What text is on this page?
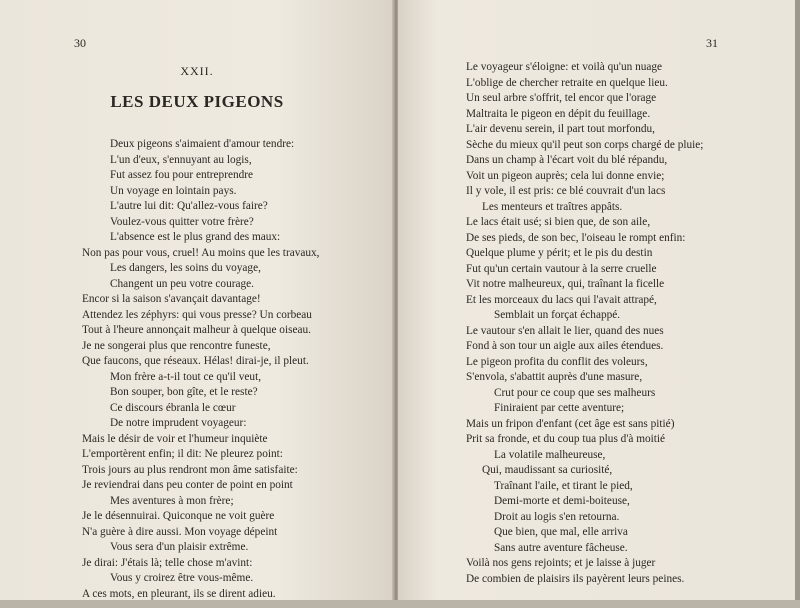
30
XXII.
LES DEUX PIGEONS
Deux pigeons s'aimaient d'amour tendre:
L'un d'eux, s'ennuyant au logis,
Fut assez fou pour entreprendre
Un voyage en lointain pays.
L'autre lui dit: Qu'allez-vous faire?
Voulez-vous quitter votre frère?
L'absence est le plus grand des maux:
Non pas pour vous, cruel! Au moins que les travaux,
Les dangers, les soins du voyage,
Changent un peu votre courage.
Encor si la saison s'avançait davantage!
Attendez les zéphyrs: qui vous presse? Un corbeau
Tout à l'heure annonçait malheur à quelque oiseau.
Je ne songerai plus que rencontre funeste,
Que faucons, que réseaux. Hélas! dirai-je, il pleut.
Mon frère a-t-il tout ce qu'il veut,
Bon souper, bon gîte, et le reste?
Ce discours ébranla le cœur
De notre imprudent voyageur:
Mais le désir de voir et l'humeur inquiète
L'emportèrent enfin; il dit: Ne pleurez point:
Trois jours au plus rendront mon âme satisfaite:
Je reviendrai dans peu conter de point en point
Mes aventures à mon frère;
Je le désennuirai. Quiconque ne voit guère
N'a guère à dire aussi. Mon voyage dépeint
Vous sera d'un plaisir extrême.
Je dirai: J'étais là; telle chose m'avint:
Vous y croirez être vous-même.
A ces mots, en pleurant, ils se dirent adieu.
31
Le voyageur s'éloigne: et voilà qu'un nuage
L'oblige de chercher retraite en quelque lieu.
Un seul arbre s'offrit, tel encor que l'orage
Maltraita le pigeon en dépit du feuillage.
L'air devenu serein, il part tout morfondu,
Sèche du mieux qu'il peut son corps chargé de pluie;
Dans un champ à l'écart voit du blé répandu,
Voit un pigeon auprès; cela lui donne envie;
Il y vole, il est pris: ce blé couvrait d'un lacs
Les menteurs et traîtres appâts.
Le lacs était usé; si bien que, de son aile,
De ses pieds, de son bec, l'oiseau le rompt enfin:
Quelque plume y périt; et le pis du destin
Fut qu'un certain vautour à la serre cruelle
Vit notre malheureux, qui, traînant la ficelle
Et les morceaux du lacs qui l'avait attrapé,
Semblait un forçat échappé.
Le vautour s'en allait le lier, quand des nues
Fond à son tour un aigle aux ailes étendues.
Le pigeon profita du conflit des voleurs,
S'envola, s'abattit auprès d'une masure,
Crut pour ce coup que ses malheurs
Finiraient par cette aventure;
Mais un fripon d'enfant (cet âge est sans pitié)
Prit sa fronde, et du coup tua plus d'à moitié
La volatile malheureuse,
Qui, maudissant sa curiosité,
Traînant l'aile, et tirant le pied,
Demi-morte et demi-boiteuse,
Droit au logis s'en retourna.
Que bien, que mal, elle arriva
Sans autre aventure fâcheuse.
Voilà nos gens rejoints; et je laisse à juger
De combien de plaisirs ils payèrent leurs peines.
